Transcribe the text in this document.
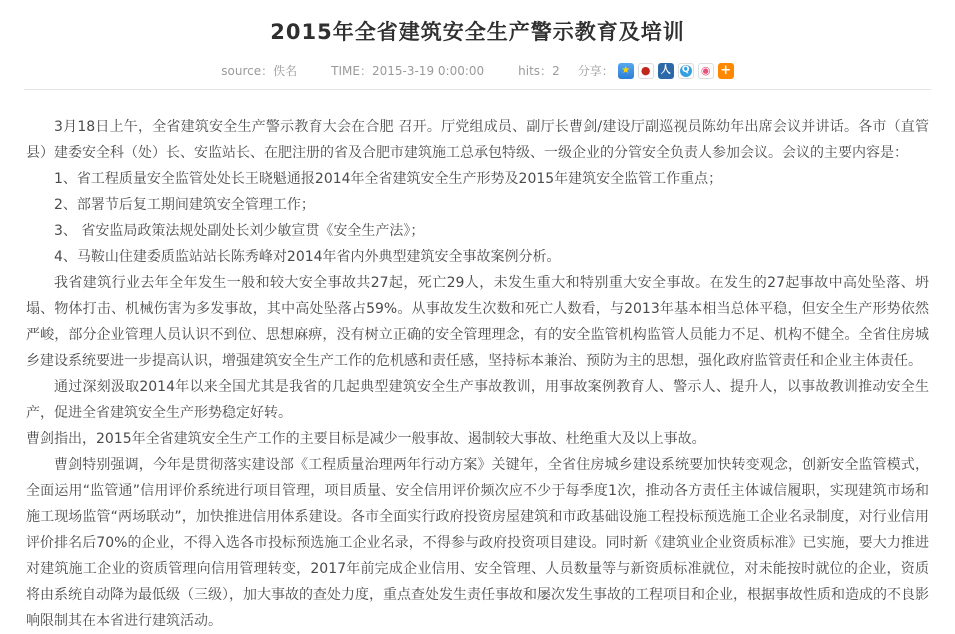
2015年全省建筑安全生产警示教育及培训
source： 佚名	TIME： 2015-3-19 0:00:00	hits： 2 分享： ★ ●	人	Q ◉ +

3月18日上午，全省建筑安全生产警示教育大会在合肥 召开。厅党组成员、副厅长曹剑/建设厅副巡视员陈幼年出席会议并讲话。各市（直管县）建委安全科（处）长、安监站长、在肥注册的省及合肥市建筑施工总承包特级、一级企业的分管安全负责人参加会议。会议的主要内容是：

1、省工程质量安全监管处处长王晓魁通报2014年全省建筑安全生产形势及2015年建筑安全监管工作重点；

2、部署节后复工期间建筑安全管理工作；

3、 省安监局政策法规处副处长刘少敏宣贯《安全生产法》；

4、马鞍山住建委质监站站长陈秀峰对2014年省内外典型建筑安全事故案例分析。

我省建筑行业去年全年发生一般和较大安全事故共27起，死亡29人，未发生重大和特别重大安全事故。在发生的27起事故中高处坠落、坍塌、物体打击、机械伤害为多发事故，其中高处坠落占59%。从事故发生次数和死亡人数看，与2013年基本相当总体平稳，但安全生产形势依然严峻，部分企业管理人员认识不到位、思想麻痹，没有树立正确的安全管理理念，有的安全监管机构监管人员能力不足、机构不健全。全省住房城乡建设系统要进一步提高认识，增强建筑安全生产工作的危机感和责任感，坚持标本兼治、预防为主的思想，强化政府监管责任和企业主体责任。

通过深刻汲取2014年以来全国尤其是我省的几起典型建筑安全生产事故教训，用事故案例教育人、警示人、提升人，以事故教训推动安全生产，促进全省建筑安全生产形势稳定好转。

曹剑指出，2015年全省建筑安全生产工作的主要目标是减少一般事故、遏制较大事故、杜绝重大及以上事故。

曹剑特别强调，今年是贯彻落实建设部《工程质量治理两年行动方案》关键年，全省住房城乡建设系统要加快转变观念，创新安全监管模式，全面运用“监管通”信用评价系统进行项目管理，项目质量、安全信用评价频次应不少于每季度1次，推动各方责任主体诚信履职，实现建筑市场和施工现场监管“两场联动”，加快推进信用体系建设。各市全面实行政府投资房屋建筑和市政基础设施工程投标预选施工企业名录制度，对行业信用评价排名后70%的企业，不得入选各市投标预选施工企业名录，不得参与政府投资项目建设。同时新《建筑业企业资质标准》已实施，要大力推进对建筑施工企业的资质管理向信用管理转变，2017年前完成企业信用、安全管理、人员数量等与新资质标准就位，对未能按时就位的企业，资质将由系统自动降为最低级（三级），加大事故的查处力度，重点查处发生责任事故和屡次发生事故的工程项目和企业，根据事故性质和造成的不良影响限制其在本省进行建筑活动。
